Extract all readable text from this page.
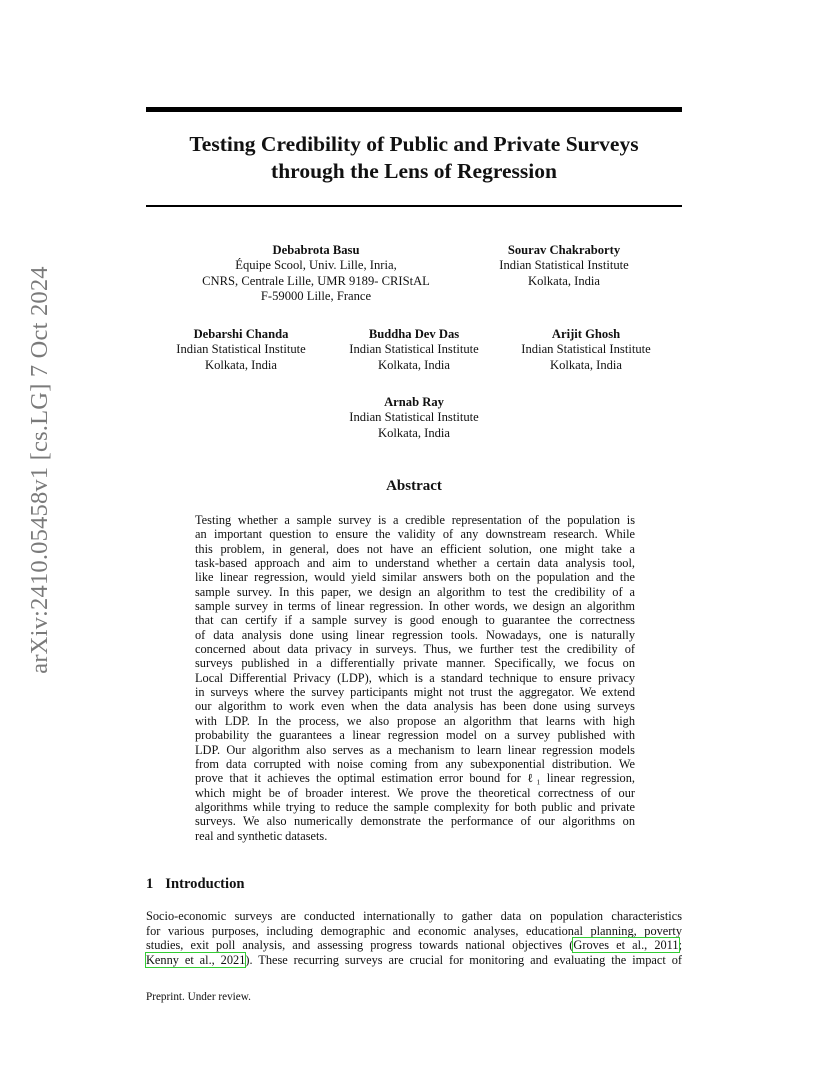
Testing Credibility of Public and Private Surveys
through the Lens of Regression
arXiv:2410.05458v1 [cs.LG] 7 Oct 2024
Debabrota Basu
Équipe Scool, Univ. Lille, Inria,
CNRS, Centrale Lille, UMR 9189- CRIStAL
F-59000 Lille, France
Sourav Chakraborty
Indian Statistical Institute
Kolkata, India
Debarshi Chanda
Indian Statistical Institute
Kolkata, India
Buddha Dev Das
Indian Statistical Institute
Kolkata, India
Arijit Ghosh
Indian Statistical Institute
Kolkata, India
Arnab Ray
Indian Statistical Institute
Kolkata, India
Abstract
Testing whether a sample survey is a credible representation of the population is
an important question to ensure the validity of any downstream research. While
this problem, in general, does not have an efficient solution, one might take a
task-based approach and aim to understand whether a certain data analysis tool,
like linear regression, would yield similar answers both on the population and the
sample survey. In this paper, we design an algorithm to test the credibility of a
sample survey in terms of linear regression. In other words, we design an algorithm
that can certify if a sample survey is good enough to guarantee the correctness
of data analysis done using linear regression tools. Nowadays, one is naturally
concerned about data privacy in surveys. Thus, we further test the credibility of
surveys published in a differentially private manner. Specifically, we focus on
Local Differential Privacy (LDP), which is a standard technique to ensure privacy
in surveys where the survey participants might not trust the aggregator. We extend
our algorithm to work even when the data analysis has been done using surveys
with LDP. In the process, we also propose an algorithm that learns with high
probability the guarantees a linear regression model on a survey published with
LDP. Our algorithm also serves as a mechanism to learn linear regression models
from data corrupted with noise coming from any subexponential distribution. We
prove that it achieves the optimal estimation error bound for ℓ₁ linear regression,
which might be of broader interest. We prove the theoretical correctness of our
algorithms while trying to reduce the sample complexity for both public and private
surveys. We also numerically demonstrate the performance of our algorithms on
real and synthetic datasets.
1 Introduction
Socio-economic surveys are conducted internationally to gather data on population characteristics
for various purposes, including demographic and economic analyses, educational planning, poverty
studies, exit poll analysis, and assessing progress towards national objectives (Groves et al., 2011;
Kenny et al., 2021). These recurring surveys are crucial for monitoring and evaluating the impact of
Preprint. Under review.
